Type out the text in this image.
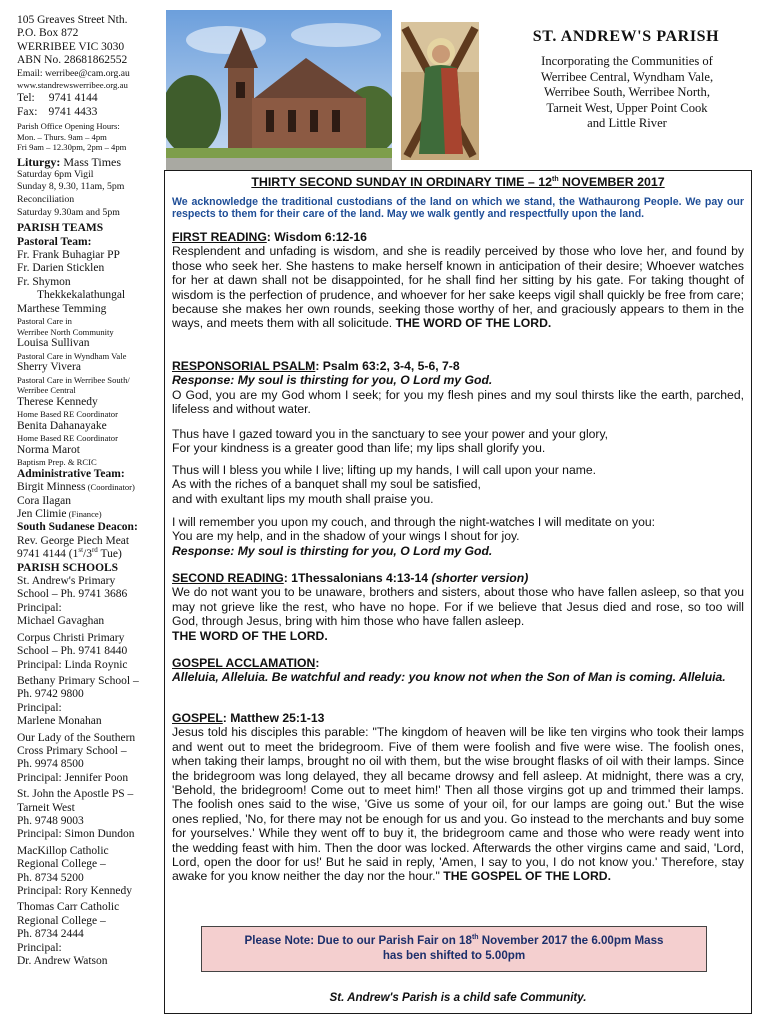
105 Greaves Street Nth.
P.O. Box 872
WERRIBEE VIC 3030
ABN No. 28681862552
Email: werribee@cam.org.au
www.standrewswerribee.org.au
Tel: 9741 4144
Fax: 9741 4433
Parish Office Opening Hours:
Mon. – Thurs. 9am – 4pm
Fri 9am – 12.30pm, 2pm – 4pm
Liturgy: Mass Times
Saturday 6pm Vigil
Sunday 8, 9.30, 11am, 5pm
Reconciliation
Saturday 9.30am and 5pm
PARISH TEAMS
Pastoral Team:
Fr. Frank Buhagiar PP
Fr. Darien Sticklen
Fr. Shymon
Thekkekalathungal
Marthese Temming
Pastoral Care in
Werribee North Community
Louisa Sullivan
Pastoral Care in Wyndham Vale
Sherry Vivera
Pastoral Care in Werribee South/
Werribee Central
Therese Kennedy
Home Based RE Coordinator
Benita Dahanayake
Home Based RE Coordinator
Norma Marot
Baptism Prep. & RCIC
Administrative Team:
Birgit Minness (Coordinator)
Cora Ilagan
Jen Climie (Finance)
South Sudanese Deacon:
Rev. George Piech Meat
9741 4144 (1st/3rd Tue)
PARISH SCHOOLS
St. Andrew's Primary
School – Ph. 9741 3686
Principal:
Michael Gavaghan
Corpus Christi Primary
School – Ph. 9741 8440
Principal: Linda Roynic
Bethany Primary School –
Ph. 9742 9800
Principal:
Marlene Monahan
Our Lady of the Southern
Cross Primary School –
Ph. 9974 8500
Principal: Jennifer Poon
St. John the Apostle PS –
Tarneit West
Ph. 9748 9003
Principal: Simon Dundon
MacKillop Catholic
Regional College –
Ph. 8734 5200
Principal: Rory Kennedy
Thomas Carr Catholic
Regional College –
Ph. 8734 2444
Principal:
Dr. Andrew Watson
ST. ANDREW'S PARISH
Incorporating the Communities of
Werribee Central, Wyndham Vale,
Werribee South, Werribee North,
Tarneit West, Upper Point Cook
and Little River
THIRTY SECOND SUNDAY IN ORDINARY TIME – 12th NOVEMBER 2017
We acknowledge the traditional custodians of the land on which we stand, the Wathaurong People. We pay our respects to them for their care of the land. May we walk gently and respectfully upon the land.

FIRST READING: Wisdom 6:12-16

Resplendent and unfading is wisdom, and she is readily perceived by those who love her, and found by those who seek her. She hastens to make herself known in anticipation of their desire; Whoever watches for her at dawn shall not be disappointed, for he shall find her sitting by his gate. For taking thought of wisdom is the perfection of prudence, and whoever for her sake keeps vigil shall quickly be free from care; because she makes her own rounds, seeking those worthy of her, and graciously appears to them in the ways, and meets them with all solicitude. THE WORD OF THE LORD.

RESPONSORIAL PSALM: Psalm 63:2, 3-4, 5-6, 7-8

Response: My soul is thirsting for you, O Lord my God.

O God, you are my God whom I seek; for you my flesh pines and my soul thirsts like the earth, parched, lifeless and without water.

Thus have I gazed toward you in the sanctuary to see your power and your glory,

For your kindness is a greater good than life; my lips shall glorify you.

Thus will I bless you while I live; lifting up my hands, I will call upon your name.

As with the riches of a banquet shall my soul be satisfied,

and with exultant lips my mouth shall praise you.

I will remember you upon my couch, and through the night-watches I will meditate on you:

You are my help, and in the shadow of your wings I shout for joy.

Response: My soul is thirsting for you, O Lord my God.

SECOND READING: 1Thessalonians 4:13-14 (shorter version)

We do not want you to be unaware, brothers and sisters, about those who have fallen asleep, so that you may not grieve like the rest, who have no hope. For if we believe that Jesus died and rose, so too will God, through Jesus, bring with him those who have fallen asleep.

THE WORD OF THE LORD.

GOSPEL ACCLAMATION:

Alleluia, Alleluia. Be watchful and ready: you know not when the Son of Man is coming. Alleluia.

GOSPEL: Matthew 25:1-13

Jesus told his disciples this parable: "The kingdom of heaven will be like ten virgins who took their lamps and went out to meet the bridegroom. Five of them were foolish and five were wise. The foolish ones, when taking their lamps, brought no oil with them, but the wise brought flasks of oil with their lamps. Since the bridegroom was long delayed, they all became drowsy and fell asleep. At midnight, there was a cry, 'Behold, the bridegroom! Come out to meet him!' Then all those virgins got up and trimmed their lamps. The foolish ones said to the wise, 'Give us some of your oil, for our lamps are going out.' But the wise ones replied, 'No, for there may not be enough for us and you. Go instead to the merchants and buy some for yourselves.' While they went off to buy it, the bridegroom came and those who were ready went into the wedding feast with him. Then the door was locked. Afterwards the other virgins came and said, 'Lord, Lord, open the door for us!' But he said in reply, 'Amen, I say to you, I do not know you.' Therefore, stay awake for you know neither the day nor the hour." THE GOSPEL OF THE LORD.

Please Note: Due to our Parish Fair on 18th November 2017 the 6.00pm Mass
has ben shifted to 5.00pm
St. Andrew's Parish is a child safe Community.
